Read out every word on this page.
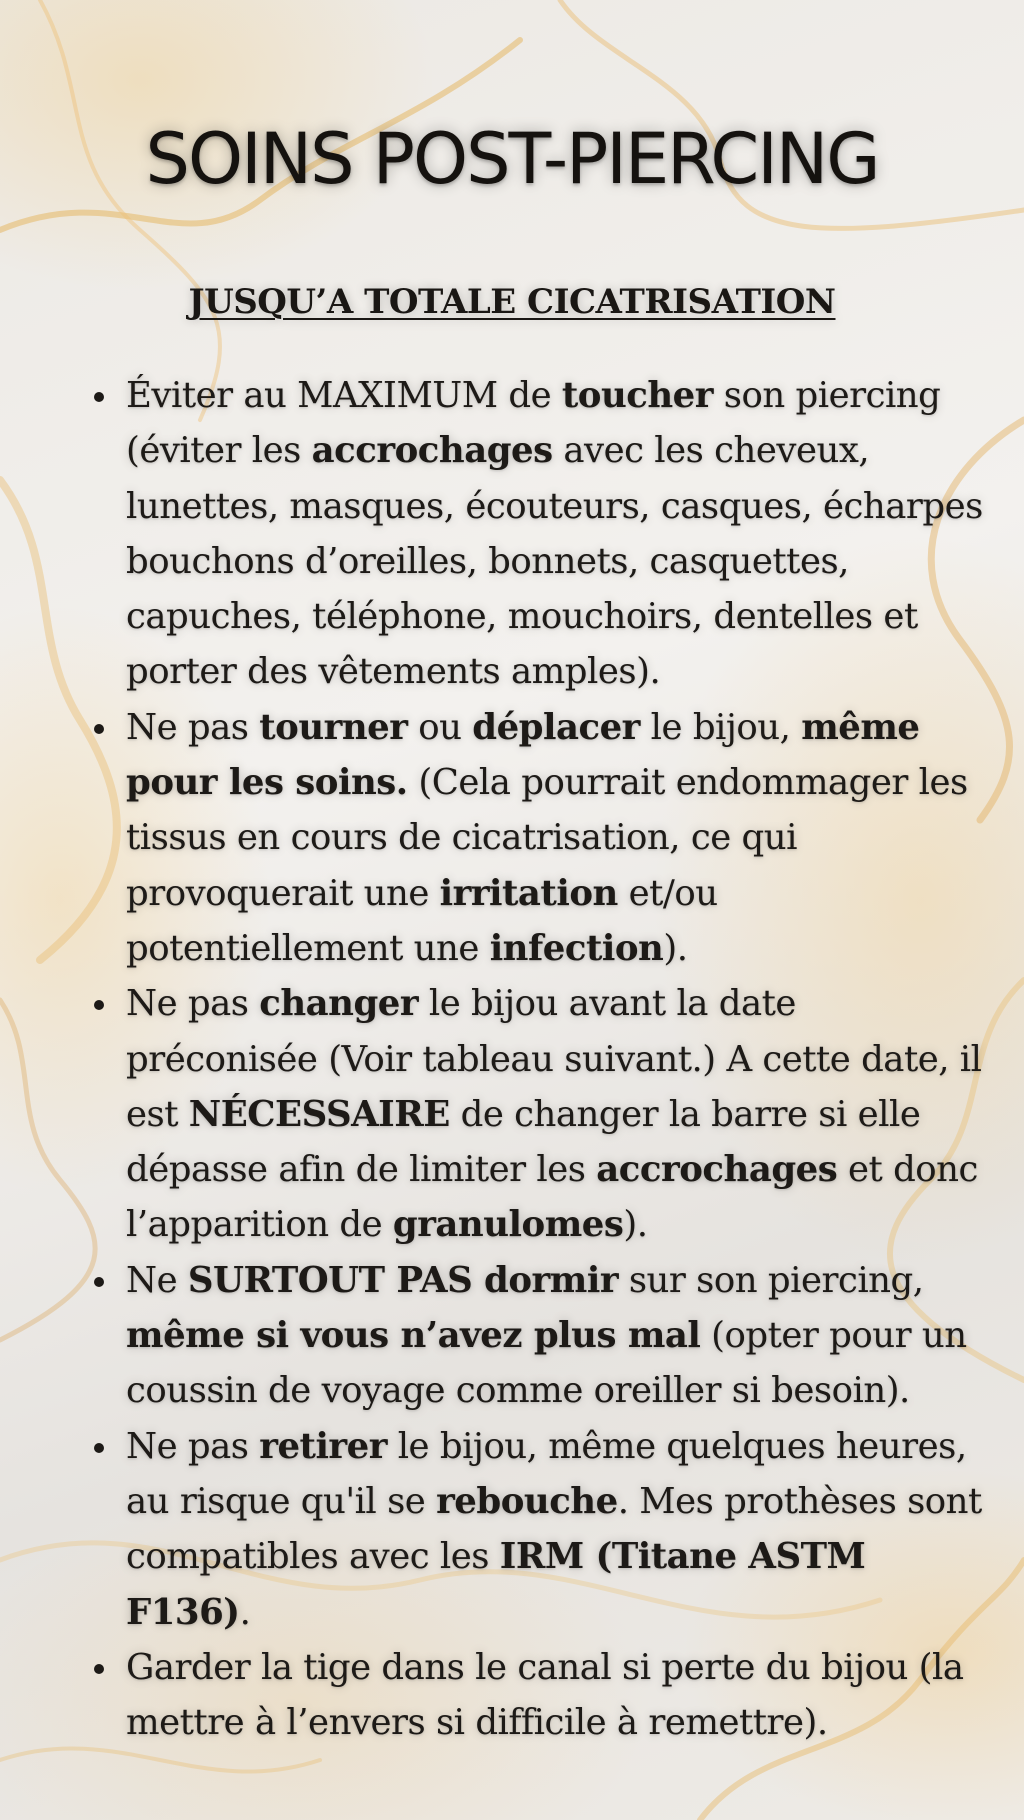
SOINS POST-PIERCING
JUSQU’A TOTALE CICATRISATION
Éviter au MAXIMUM de toucher son piercing (éviter les accrochages avec les cheveux, lunettes, masques, écouteurs, casques, écharpes bouchons d’oreilles, bonnets, casquettes, capuches, téléphone, mouchoirs, dentelles et porter des vêtements amples).
Ne pas tourner ou déplacer le bijou, même pour les soins. (Cela pourrait endommager les tissus en cours de cicatrisation, ce qui provoquerait une irritation et/ou potentiellement une infection).
Ne pas changer le bijou avant la date préconisée (Voir tableau suivant.) A cette date, il est NÉCESSAIRE de changer la barre si elle dépasse afin de limiter les accrochages et donc l’apparition de granulomes).
Ne SURTOUT PAS dormir sur son piercing, même si vous n’avez plus mal (opter pour un coussin de voyage comme oreiller si besoin).
Ne pas retirer le bijou, même quelques heures, au risque qu'il se rebouche. Mes prothèses sont compatibles avec les IRM (Titane ASTM F136).
Garder la tige dans le canal si perte du bijou (la mettre à l’envers si difficile à remettre).
